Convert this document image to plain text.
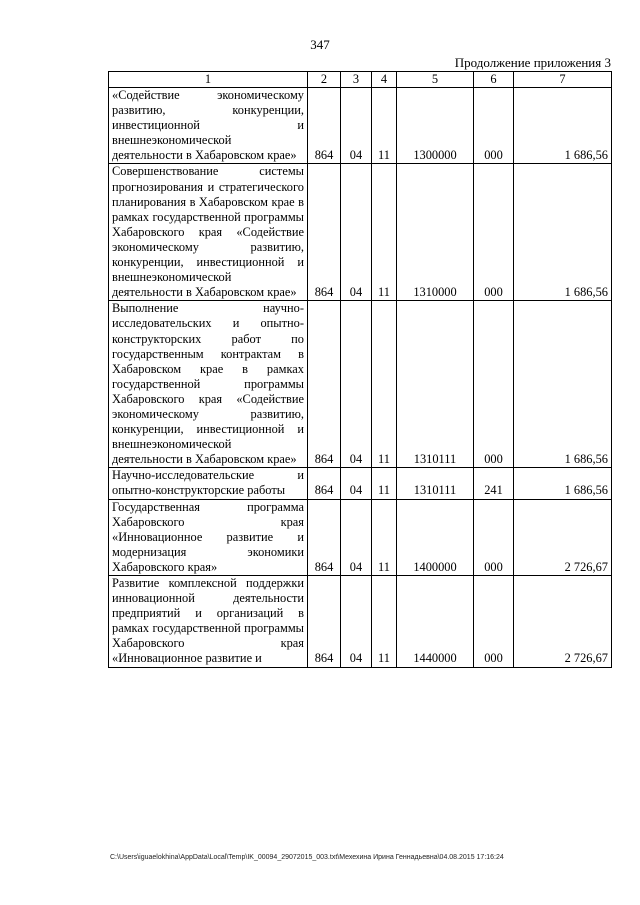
347
Продолжение приложения 3
1	2	3	4	5	6	7
«Содействие экономическому развитию, конкуренции, инвестиционной и внешнеэкономической деятельности в Хабаровском крае»	864	04	11	1300000	000	1 686,56
Совершенствование системы прогнозирования и стратегического планирования в Хабаровском крае в рамках государственной программы Хабаровского края «Содействие экономическому развитию, конкуренции, инвестиционной и внешнеэкономической деятельности в Хабаровском крае»	864	04	11	1310000	000	1 686,56
Выполнение научно- исследовательских и опытно- конструкторских работ по государственным контрактам в Хабаровском крае в рамках государственной программы Хабаровского края «Содействие экономическому развитию, конкуренции, инвестиционной и внешнеэкономической деятельности в Хабаровском крае»	864	04	11	1310111	000	1 686,56
Научно-исследовательские и опытно-конструкторские работы	864	04	11	1310111	241	1 686,56
Государственная программа Хабаровского края «Инновационное развитие и модернизация экономики Хабаровского края»	864	04	11	1400000	000	2 726,67
Развитие комплексной поддержки инновационной деятельности предприятий и организаций в рамках государственной программы Хабаровского края «Инновационное развитие и	864	04	11	1440000	000	2 726,67
C:\Users\iguaelokhina\AppData\Local\Temp\IK_00094_29072015_003.txt\Мехехина Ирина Геннадьевна\04.08.2015 17:16:24
